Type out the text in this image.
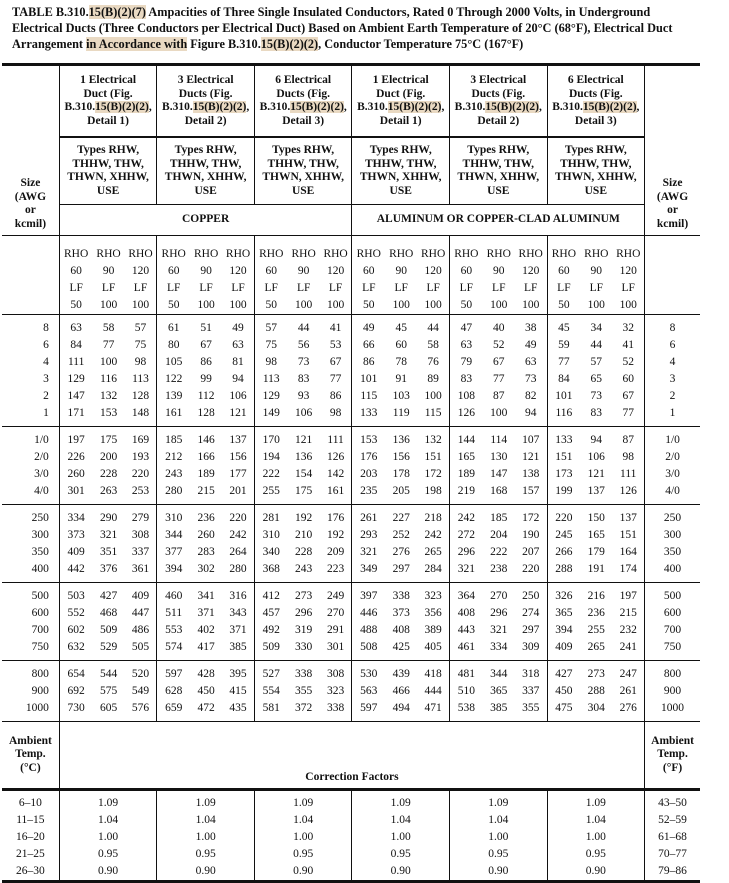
TABLE B.310.15(B)(2)(7) Ampacities of Three Single Insulated Conductors, Rated 0 Through 2000 Volts, in Underground Electrical Ducts (Three Conductors per Electrical Duct) Based on Ambient Earth Temperature of 20°C (68°F), Electrical Duct Arrangement in Accordance with Figure B.310.15(B)(2)(2), Conductor Temperature 75°C (167°F)
Size
(AWG
or
kcmil)

1 Electrical
Duct (Fig.
B.310.15(B)(2)(2),
Detail 1)

3 Electrical
Ducts (Fig.
B.310.15(B)(2)(2),
Detail 2)

6 Electrical
Ducts (Fig.
B.310.15(B)(2)(2),
Detail 3)

1 Electrical
Duct (Fig.
B.310.15(B)(2)(2),
Detail 1)

3 Electrical
Ducts (Fig.
B.310.15(B)(2)(2),
Detail 2)

6 Electrical
Ducts (Fig.
B.310.15(B)(2)(2),
Detail 3)

Size
(AWG
or
kcmil)

Types RHW,
THHW, THW,
THWN, XHHW,
USE

Types RHW,
THHW, THW,
THWN, XHHW,
USE

Types RHW,
THHW, THW,
THWN, XHHW,
USE

Types RHW,
THHW, THW,
THWN, XHHW,
USE

Types RHW,
THHW, THW,
THWN, XHHW,
USE

Types RHW,
THHW, THW,
THWN, XHHW,
USE

	COPPER									ALUMINUM OR COPPER-CLAD ALUMINUM									
	RHO	RHO	RHO	RHO	RHO	RHO	RHO	RHO	RHO	RHO	RHO	RHO	RHO	RHO	RHO	RHO	RHO	RHO	
	60	90	120	60	90	120	60	90	120	60	90	120	60	90	120	60	90	120	
	LF	LF	LF	LF	LF	LF	LF	LF	LF	LF	LF	LF	LF	LF	LF	LF	LF	LF	
	50	100	100	50	100	100	50	100	100	50	100	100	50	100	100	50	100	100	
8	63	58	57	61	51	49	57	44	41	49	45	44	47	40	38	45	34	32	8
6	84	77	75	80	67	63	75	56	53	66	60	58	63	52	49	59	44	41	6
4	111	100	98	105	86	81	98	73	67	86	78	76	79	67	63	77	57	52	4
3	129	116	113	122	99	94	113	83	77	101	91	89	83	77	73	84	65	60	3
2	147	132	128	139	112	106	129	93	86	115	103	100	108	87	82	101	73	67	2
1	171	153	148	161	128	121	149	106	98	133	119	115	126	100	94	116	83	77	1
1/0	197	175	169	185	146	137	170	121	111	153	136	132	144	114	107	133	94	87	1/0
2/0	226	200	193	212	166	156	194	136	126	176	156	151	165	130	121	151	106	98	2/0
3/0	260	228	220	243	189	177	222	154	142	203	178	172	189	147	138	173	121	111	3/0
4/0	301	263	253	280	215	201	255	175	161	235	205	198	219	168	157	199	137	126	4/0
250	334	290	279	310	236	220	281	192	176	261	227	218	242	185	172	220	150	137	250
300	373	321	308	344	260	242	310	210	192	293	252	242	272	204	190	245	165	151	300
350	409	351	337	377	283	264	340	228	209	321	276	265	296	222	207	266	179	164	350
400	442	376	361	394	302	280	368	243	223	349	297	284	321	238	220	288	191	174	400
500	503	427	409	460	341	316	412	273	249	397	338	323	364	270	250	326	216	197	500
600	552	468	447	511	371	343	457	296	270	446	373	356	408	296	274	365	236	215	600
700	602	509	486	553	402	371	492	319	291	488	408	389	443	321	297	394	255	232	700
750	632	529	505	574	417	385	509	330	301	508	425	405	461	334	309	409	265	241	750
800	654	544	520	597	428	395	527	338	308	530	439	418	481	344	318	427	273	247	800
900	692	575	549	628	450	415	554	355	323	563	466	444	510	365	337	450	288	261	900
1000	730	605	576	659	472	435	581	372	338	597	494	471	538	385	355	475	304	276	1000

Ambient
Temp.
(°C)
	Correction Factors	
Ambient
Temp.
(°F)

6–10	1.09			1.09			1.09			1.09			1.09			1.09			43–50
11–15	1.04			1.04			1.04			1.04			1.04			1.04			52–59
16–20	1.00			1.00			1.00			1.00			1.00			1.00			61–68
21–25	0.95			0.95			0.95			0.95			0.95			0.95			70–77
26–30	0.90			0.90			0.90			0.90			0.90			0.90			79–86
